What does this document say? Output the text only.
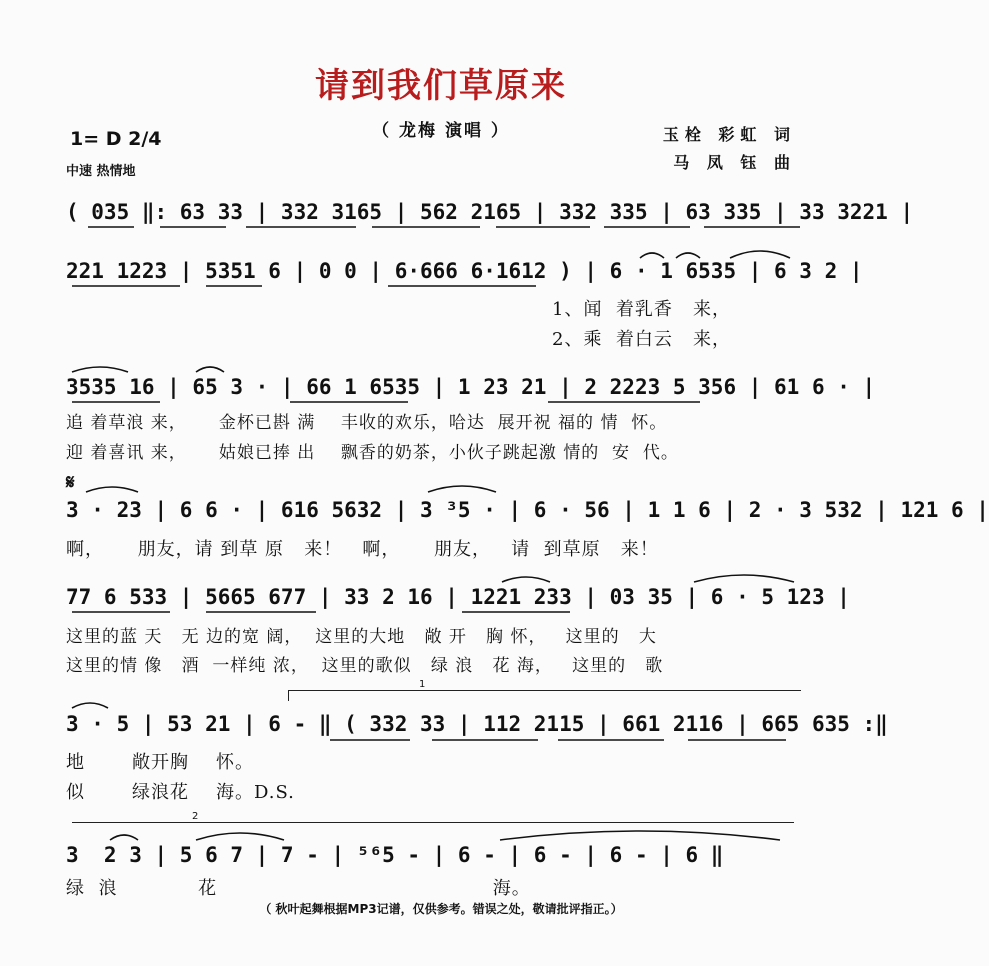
请到我们草原来
（ 龙梅 演唱 ）
1= D 2/4
中速 热情地
玉栓 彩虹 词
马 凤 钰 曲
( 035 ‖: 63 33 | 332 3165 | 562 2165 | 332 335 | 63 335 | 33 3221 |
221 1223 | 5351 6 | 0 0 | 6·666 6·1612 ) | 6 · 1 6535 | 6 3 2 |
1、闻  着乳香   来，
2、乘  着白云   来，
3535 16 | 65 3 · | 66 1 6535 | 1 23 21 | 2 2223 5 356 | 61 6 · |
追 着草浪 来，     金杯已斟 满    丰收的欢乐，哈达  展开祝 福的 情  怀。
迎 着喜讯 来，     姑娘已捧 出    飘香的奶茶，小伙子跳起激 情的  安  代。
𝄋
3 · 23 | 6 6 · | 616 5632 | 3 ³5 · | 6 · 56 | 1 1 6 | 2 · 3 532 | 121 6 |
啊，     朋友，请 到草 原   来！   啊，     朋友，   请  到草原   来！
77 6 533 | 5665 677 | 33 2 16 | 1221 233 | 03 35 | 6 · 5 123 |
这里的蓝 天   无 边的宽 阔，  这里的大地   敞 开   胸 怀，   这里的   大
这里的情 像   酒  一样纯 浓，  这里的歌似   绿 浪   花 海，   这里的   歌
1
3 · 5 | 53 21 | 6 - ‖ ( 332 33 | 112 2115 | 661 2116 | 665 635 :‖
地       敞开胸    怀。
似       绿浪花    海。D.S.
2
3  2 3 | 5 6 7 | 7 - | ⁵⁶5 - | 6 - | 6 - | 6 - | 6 ‖
绿  浪            花                                         海。
（ 秋叶起舞根据MP3记谱，仅供参考。错误之处，敬请批评指正。）
